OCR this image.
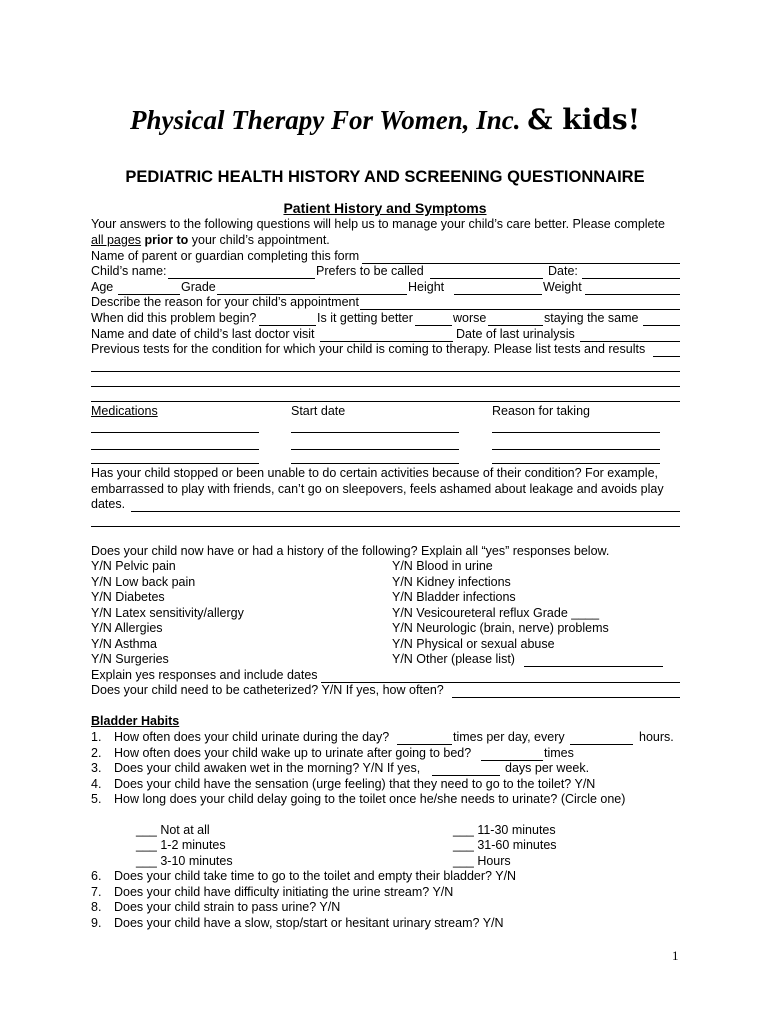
Physical Therapy For Women, Inc. & kids!
PEDIATRIC HEALTH HISTORY AND SCREENING QUESTIONNAIRE
Patient History and Symptoms
Your answers to the following questions will help us to manage your child’s care better. Please complete
all pages prior to your child’s appointment.
Name of parent or guardian completing this form
Child’s name:	Prefers to be called	Date:
Age	Grade	Height	Weight
Describe the reason for your child’s appointment
When did this problem begin?	Is it getting better	worse	staying the same
Name and date of child’s last doctor visit	Date of last urinalysis
Previous tests for the condition for which your child is coming to therapy. Please list tests and results
Medications	Start date	Reason for taking
Has your child stopped or been unable to do certain activities because of their condition? For example,
embarrassed to play with friends, can’t go on sleepovers, feels ashamed about leakage and avoids play
dates.
Does your child now have or had a history of the following? Explain all “yes” responses below.
Y/N Pelvic pain
Y/N Low back pain
Y/N Diabetes
Y/N Latex sensitivity/allergy
Y/N Allergies
Y/N Asthma
Y/N Surgeries
Y/N Blood in urine
Y/N Kidney infections
Y/N Bladder infections
Y/N Vesicoureteral reflux Grade ____
Y/N Neurologic (brain, nerve) problems
Y/N Physical or sexual abuse
Y/N Other (please list)
Explain yes responses and include dates
Does your child need to be catheterized? Y/N If yes, how often?
Bladder Habits
1. How often does your child urinate during the day?	times per day, every	hours.
2. How often does your child wake up to urinate after going to bed?	times
3. Does your child awaken wet in the morning? Y/N If yes,	days per week.
4. Does your child have the sensation (urge feeling) that they need to go to the toilet? Y/N
5. How long does your child delay going to the toilet once he/she needs to urinate? (Circle one)
___ Not at all
___ 1-2 minutes
___ 3-10 minutes
___ 11-30 minutes
___ 31-60 minutes
___ Hours
6. Does your child take time to go to the toilet and empty their bladder? Y/N
7. Does your child have difficulty initiating the urine stream? Y/N
8. Does your child strain to pass urine? Y/N
9. Does your child have a slow, stop/start or hesitant urinary stream? Y/N
1
